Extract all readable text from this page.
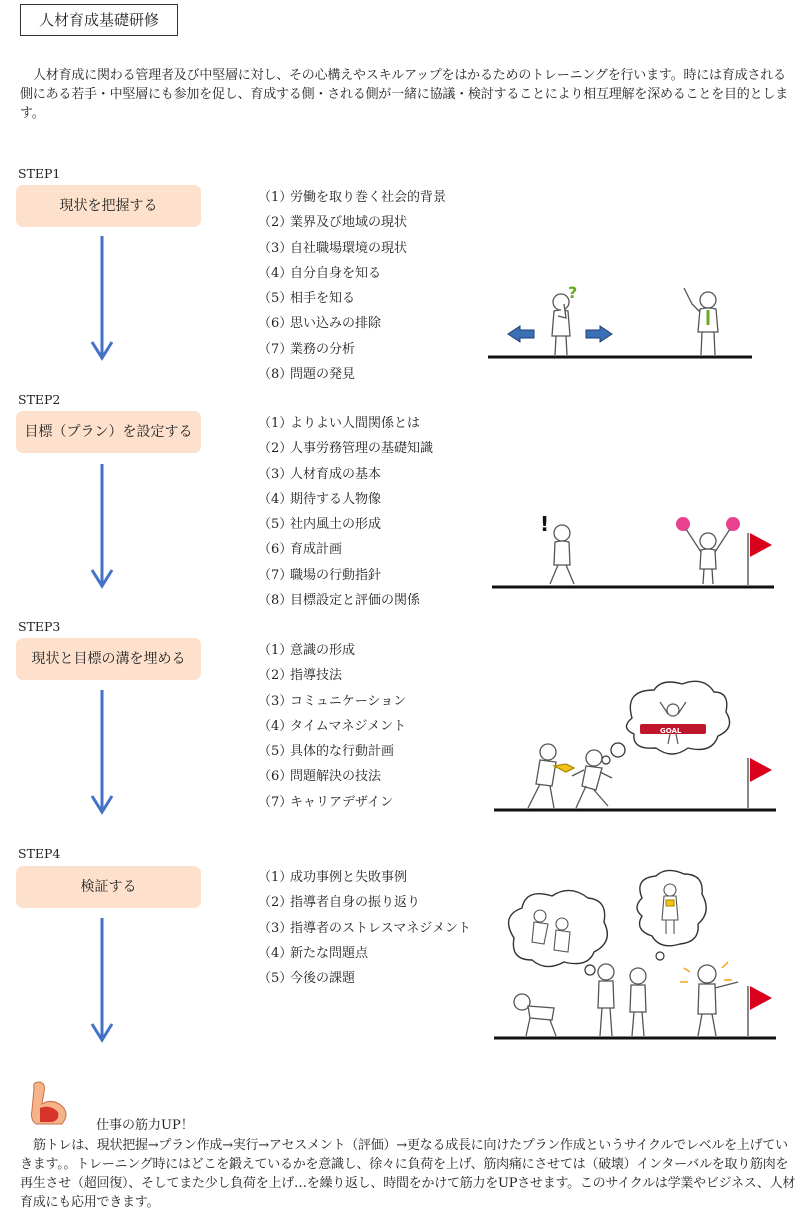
人材育成基礎研修

人材育成に関わる管理者及び中堅層に対し、その心構えやスキルアップをはかるためのトレーニングを行います。時には育成される側にある若手・中堅層にも参加を促し、育成する側・される側が一緒に協議・検討することにより相互理解を深めることを目的とします。

STEP1
現状を把握する
（1）労働を取り巻く社会的背景
（2）業界及び地域の現状
（3）自社職場環境の現状
（4）自分自身を知る
（5）相手を知る
（6）思い込みの排除
（7）業務の分析
（8）問題の発見
?
STEP2
目標（プラン）を設定する
（1）よりよい人間関係とは
（2）人事労務管理の基礎知識
（3）人材育成の基本
（4）期待する人物像
（5）社内風土の形成
（6）育成計画
（7）職場の行動指針
（8）目標設定と評価の関係
!
STEP3
現状と目標の溝を埋める
（1）意識の形成
（2）指導技法
（3）コミュニケーション
（4）タイムマネジメント
（5）具体的な行動計画
（6）問題解決の技法
（7）キャリアデザイン
GOAL
STEP4
検証する
（1）成功事例と失敗事例
（2）指導者自身の振り返り
（3）指導者のストレスマネジメント
（4）新たな問題点
（5）今後の課題
仕事の筋力UP！

筋トレは、現状把握→プラン作成→実行→アセスメント（評価）→更なる成長に向けたプラン作成というサイクルでレベルを上げていきます。。トレーニング時にはどこを鍛えているかを意識し、徐々に負荷を上げ、筋肉痛にさせては（破壊）インターバルを取り筋肉を再生させ（超回復）、そしてまた少し負荷を上げ…を繰り返し、時間をかけて筋力をUPさせます。このサイクルは学業やビジネス、人材育成にも応用できます。
